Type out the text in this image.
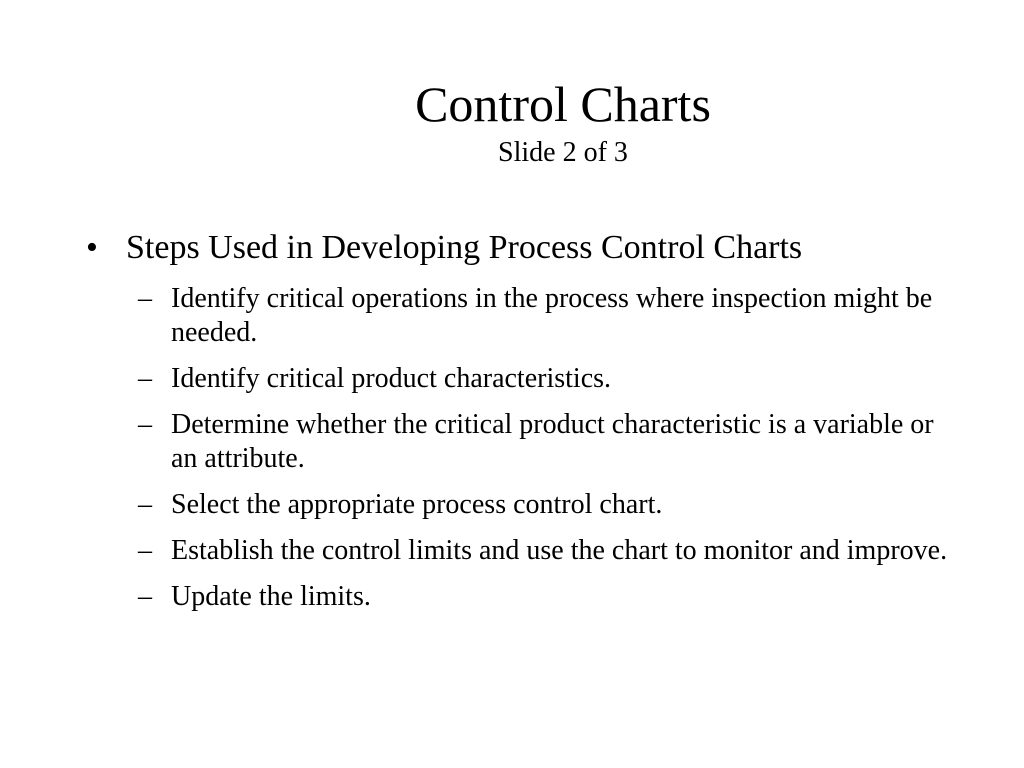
Control Charts
Slide 2 of 3
• Steps Used in Developing Process Control Charts
– Identify critical operations in the process where inspection might be needed.
– Identify critical product characteristics.
– Determine whether the critical product characteristic is a variable or an attribute.
– Select the appropriate process control chart.
– Establish the control limits and use the chart to monitor and improve.
– Update the limits.
